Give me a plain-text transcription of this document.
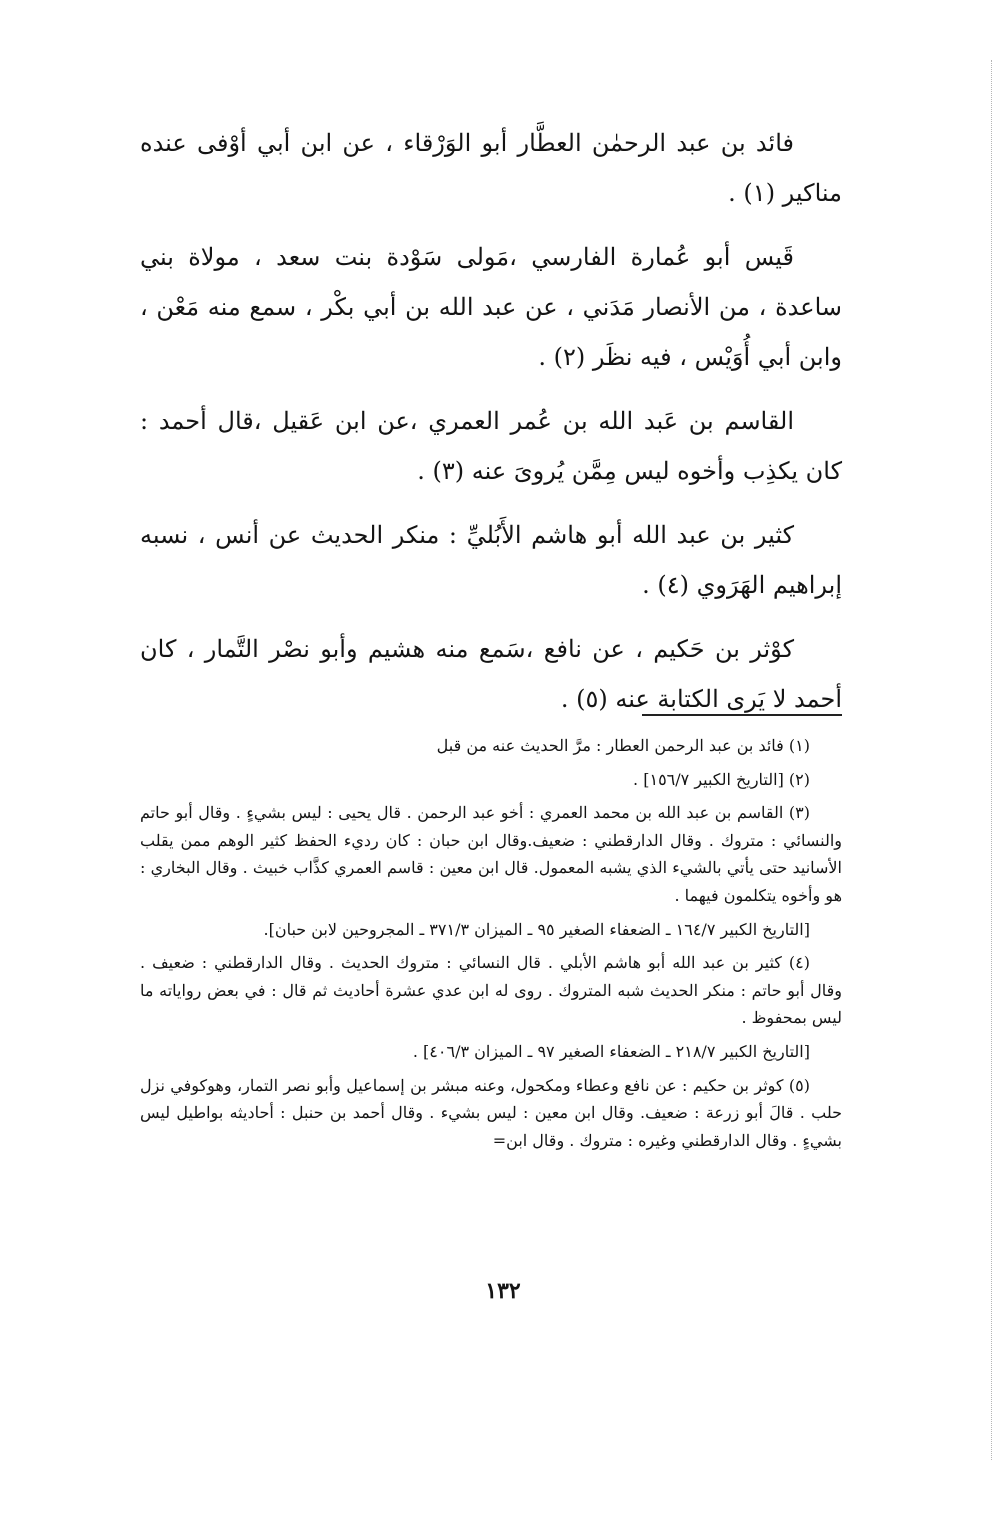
فائد بن عبد الرحمٰن العطَّار أبو الوَرْقاء ، عن ابن أبي أوْفى عنده مناكير (١) .

قَيس أبو عُمارة الفارسي ،مَولى سَوْدة بنت سعد ، مولاة بني ساعدة ، من الأنصار مَدَني ، عن عبد الله بن أبي بكْر ، سمع منه مَعْن ، وابن أبي أُوَيْس ، فيه نظَر (٢) .

القاسم بن عَبد الله بن عُمر العمري ،عن ابن عَقيل ،قال أحمد : كان يكذِب وأخوه ليس مِمَّن يُروىَ عنه (٣) .

كثير بن عبد الله أبو هاشم الأَبُليِّ : منكر الحديث عن أنس ، نسبه إبراهيم الهَرَوي (٤) .

كوْثر بن حَكيم ، عن نافع ،سَمع منه هشيم وأبو نصْر التَّمار ، كان أحمد لا يَرى الكتابة عنه (٥) .

(١) فائد بن عبد الرحمن العطار : مرَّ الحديث عنه من قبل

(٢) [التاريخ الكبير ١٥٦/٧] .

(٣) القاسم بن عبد الله بن محمد العمري : أخو عبد الرحمن . قال يحيى : ليس بشيءٍ . وقال أبو حاتم والنسائي : متروك . وقال الدارقطني : ضعيف.وقال ابن حبان : كان رديء الحفظ كثير الوهم ممن يقلب الأسانيد حتى يأتي بالشيء الذي يشبه المعمول. قال ابن معين : قاسم العمري كذَّاب خبيث . وقال البخاري : هو وأخوه يتكلمون فيهما .

[التاريخ الكبير ١٦٤/٧ ـ الضعفاء الصغير ٩٥ ـ الميزان ٣٧١/٣ ـ المجروحين لابن حبان].

(٤) كثير بن عبد الله أبو هاشم الأبلي . قال النسائي : متروك الحديث . وقال الدارقطني : ضعيف . وقال أبو حاتم : منكر الحديث شبه المتروك . روى له ابن عدي عشرة أحاديث ثم قال : في بعض رواياته ما ليس بمحفوظ .

[التاريخ الكبير ٢١٨/٧ ـ الضعفاء الصغير ٩٧ ـ الميزان ٤٠٦/٣] .

(٥) كوثر بن حكيم : عن نافع وعطاء ومكحول، وعنه مبشر بن إسماعيل وأبو نصر التمار، وهوكوفي نزل حلب . قالَ أبو زرعة : ضعيف. وقال ابن معين : ليس بشيء . وقال أحمد بن حنبل : أحاديثه بواطيل ليس بشيءٍ . وقال الدارقطني وغيره : متروك . وقال ابن=

١٣٢
